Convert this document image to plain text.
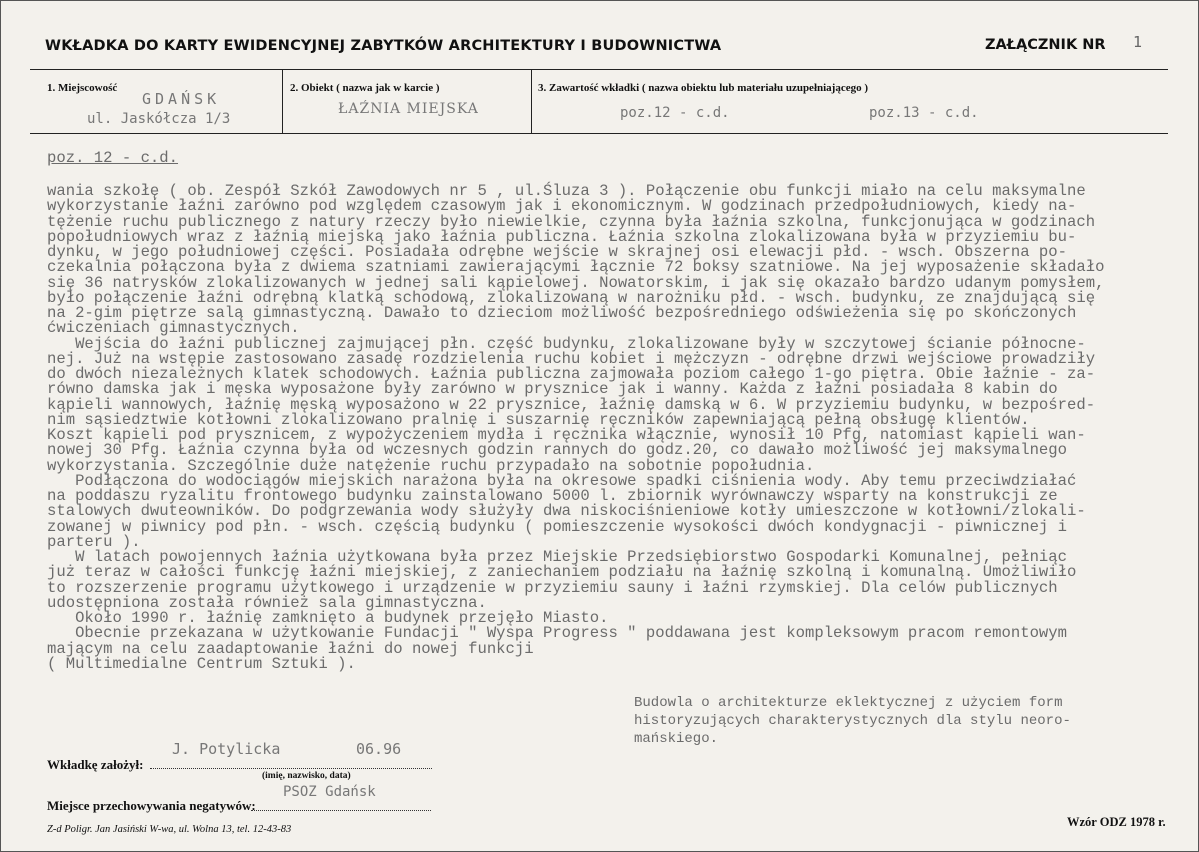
WKŁADKA DO KARTY EWIDENCYJNEJ ZABYTKÓW ARCHITEKTURY I BUDOWNICTWA	ZAŁĄCZNIK NR 1
1. Miejscowość
GDAŃSK
ul. Jaskółcza 1/3
2. Obiekt ( nazwa jak w karcie )
ŁAŹNIA MIEJSKA
3. Zawartość wkładki ( nazwa obiektu lub materiału uzupełniającego )
poz.12 - c.d.	poz.13 - c.d.
poz. 12 - c.d.
wania szkołę ( ob. Zespół Szkół Zawodowych nr 5 , ul.Śluza 3 ). Połączenie obu funkcji miało na celu maksymalne
wykorzystanie łaźni zarówno pod względem czasowym jak i ekonomicznym. W godzinach przedpołudniowych, kiedy na-
tężenie ruchu publicznego z natury rzeczy było niewielkie, czynna była łaźnia szkolna, funkcjonująca w godzinach
popołudniowych wraz z łaźnią miejską jako łaźnia publiczna. Łaźnia szkolna zlokalizowana była w przyziemiu bu-
dynku, w jego południowej części. Posiadała odrębne wejście w skrajnej osi elewacji płd. - wsch. Obszerna po-
czekalnia połączona była z dwiema szatniami zawierającymi łącznie 72 boksy szatniowe. Na jej wyposażenie składało
się 36 natrysków zlokalizowanych w jednej sali kąpielowej. Nowatorskim, i jak się okazało bardzo udanym pomysłem,
było połączenie łaźni odrębną klatką schodową, zlokalizowaną w narożniku płd. - wsch. budynku, ze znajdującą się
na 2-gim piętrze salą gimnastyczną. Dawało to dzieciom możliwość bezpośredniego odświeżenia się po skończonych
ćwiczeniach gimnastycznych.
Wejścia do łaźni publicznej zajmującej płn. część budynku, zlokalizowane były w szczytowej ścianie północne-
nej. Już na wstępie zastosowano zasadę rozdzielenia ruchu kobiet i mężczyzn - odrębne drzwi wejściowe prowadziły
do dwóch niezależnych klatek schodowych. Łaźnia publiczna zajmowała poziom całego 1-go piętra. Obie łaźnie - za-
równo damska jak i męska wyposażone były zarówno w prysznice jak i wanny. Każda z łaźni posiadała 8 kabin do
kąpieli wannowych, łaźnię męską wyposażono w 22 prysznice, łaźnię damską w 6. W przyziemiu budynku, w bezpośred-
nim sąsiedztwie kotłowni zlokalizowano pralnię i suszarnię ręczników zapewniającą pełną obsługę klientów.
Koszt kąpieli pod prysznicem, z wypożyczeniem mydła i ręcznika włącznie, wynosił 10 Pfg, natomiast kąpieli wan-
nowej 30 Pfg. Łaźnia czynna była od wczesnych godzin rannych do godz.20, co dawało możliwość jej maksymalnego
wykorzystania. Szczególnie duże natężenie ruchu przypadało na sobotnie popołudnia.
Podłączona do wodociągów miejskich narażona była na okresowe spadki ciśnienia wody. Aby temu przeciwdziałać
na poddaszu ryzalitu frontowego budynku zainstalowano 5000 l. zbiornik wyrównawczy wsparty na konstrukcji ze
stalowych dwuteowników. Do podgrzewania wody służyły dwa niskociśnieniowe kotły umieszczone w kotłowni/zlokali-
zowanej w piwnicy pod płn. - wsch. częścią budynku ( pomieszczenie wysokości dwóch kondygnacji - piwnicznej i
parteru ).
W latach powojennych łaźnia użytkowana była przez Miejskie Przedsiębiorstwo Gospodarki Komunalnej, pełniąc
już teraz w całości funkcję łaźni miejskiej, z zaniechaniem podziału na łaźnię szkolną i komunalną. Umożliwiło
to rozszerzenie programu użytkowego i urządzenie w przyziemiu sauny i łaźni rzymskiej. Dla celów publicznych
udostępniona została również sala gimnastyczna.
Około 1990 r. łaźnię zamknięto a budynek przejęło Miasto.
Obecnie przekazana w użytkowanie Fundacji " Wyspa Progress " poddawana jest kompleksowym pracom remontowym
mającym na celu zaadaptowanie łaźni do nowej funkcji
( Multimedialne Centrum Sztuki ).
Budowla o architekturze eklektycznej z użyciem form
historyzujących charakterystycznych dla stylu neoro-
mańskiego.
J. Potylicka	06.96
Wkładkę założył:
(imię, nazwisko, data)
PSOZ Gdańsk
Miejsce przechowywania negatywów:
Z-d Poligr. Jan Jasiński W-wa, ul. Wolna 13, tel. 12-43-83
Wzór ODZ 1978 r.
